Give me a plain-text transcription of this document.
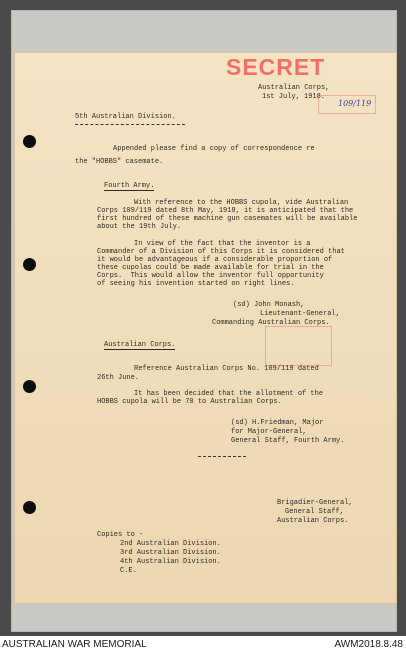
SECRET
Australian Corps,
1st July, 1918.
109/119
5th Australian Division.
Appended please find a copy of correspondence re
the "HOBBS" casemate.
Fourth Army.
With reference to the HOBBS cupola, vide Australian
Corps 109/119 dated 8th May, 1918, it is anticipated that the
first hundred of these machine gun casemates will be available
about the 19th July.
In view of the fact that the inventor is a
Commander of a Division of this Corps it is considered that
it would be advantageous if a considerable proportion of
these cupolas could be made available for trial in the
Corps.  This would allow the inventor full opportunity
of seeing his invention started on right lines.
(sd) John Monash,
Lieutenant-General,
Commanding Australian Corps.
Australian Corps.
Reference Australian Corps No. 109/119 dated
26th June.
It has been decided that the allotment of the
HOBBS cupola will be 70 to Australian Corps.
(sd) H.Friedman, Major
for Major-General,
General Staff, Fourth Army.
Brigadier-General,
General Staff,
Australian Corps.
Copies to -
2nd Australian Division.
3rd Australian Division.
4th Australian Division.
C.E.
AUSTRALIAN WAR MEMORIAL	AWM2018.8.48
